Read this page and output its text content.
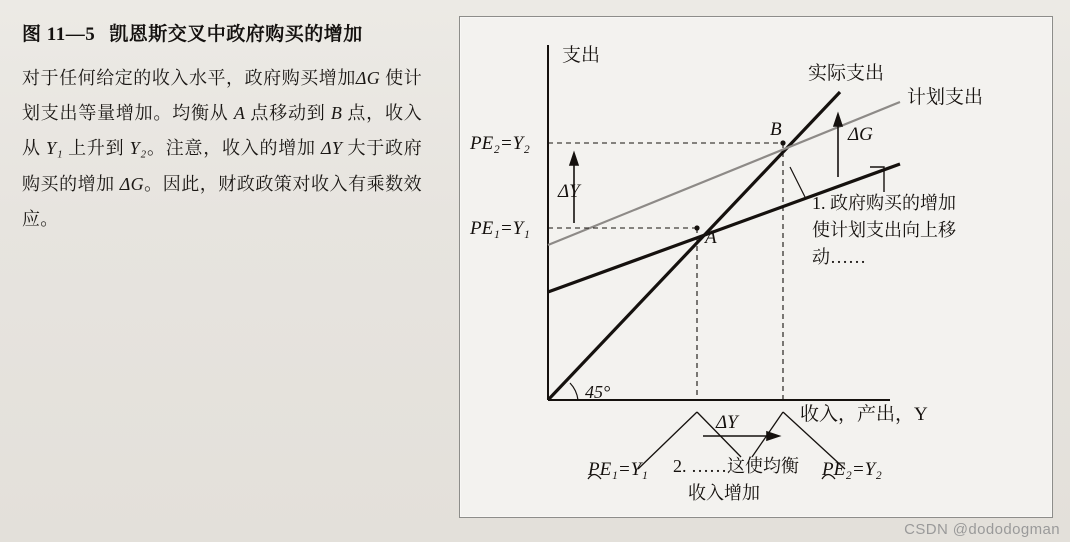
图 11—5 凯恩斯交叉中政府购买的增加
对于任何给定的收入水平，政府购买增加ΔG 使计划支出等量增加。均衡从 A 点移动到 B 点，收入从 Y₁ 上升到 Y₂。注意，收入的增加 ΔY 大于政府购买的增加 ΔG。因此，财政政策对收入有乘数效应。
支出
收入，产出，Y
实际支出
计划支出
45°
ΔY
ΔY
ΔG
PE₁=Y₁
PE₂=Y₂
A
B
PE₁=Y₁	PE₂=Y₂
1. 政府购买的增加
使计划支出向上移
动……
2. ……这使均衡
收入增加
CSDN @dododogman
